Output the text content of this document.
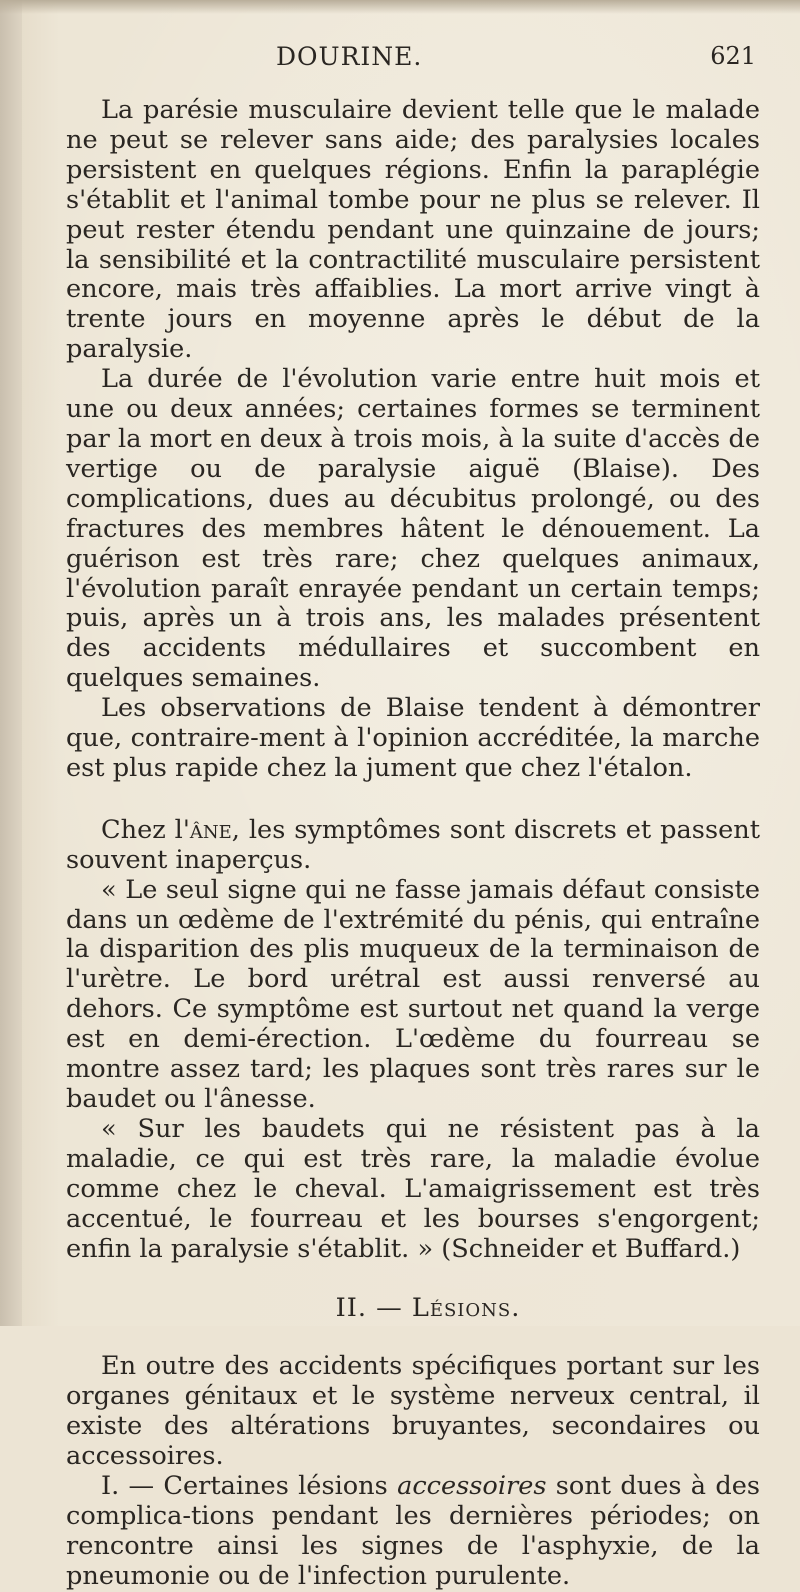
DOURINE.	621

La parésie musculaire devient telle que le malade ne peut se relever sans aide; des paralysies locales persistent en quelques régions. Enfin la paraplégie s'établit et l'animal tombe pour ne plus se relever. Il peut rester étendu pendant une quinzaine de jours; la sensibilité et la contractilité musculaire persistent encore, mais très affaiblies. La mort arrive vingt à trente jours en moyenne après le début de la paralysie.

La durée de l'évolution varie entre huit mois et une ou deux années; certaines formes se terminent par la mort en deux à trois mois, à la suite d'accès de vertige ou de paralysie aiguë (Blaise). Des complications, dues au décubitus prolongé, ou des fractures des membres hâtent le dénouement. La guérison est très rare; chez quelques animaux, l'évolution paraît enrayée pendant un certain temps; puis, après un à trois ans, les malades présentent des accidents médullaires et succombent en quelques semaines.

Les observations de Blaise tendent à démontrer que, contraire-ment à l'opinion accréditée, la marche est plus rapide chez la jument que chez l'étalon.

Chez l'âne, les symptômes sont discrets et passent souvent inaperçus.

« Le seul signe qui ne fasse jamais défaut consiste dans un œdème de l'extrémité du pénis, qui entraîne la disparition des plis muqueux de la terminaison de l'urètre. Le bord urétral est aussi renversé au dehors. Ce symptôme est surtout net quand la verge est en demi-érection. L'œdème du fourreau se montre assez tard; les plaques sont très rares sur le baudet ou l'ânesse.

« Sur les baudets qui ne résistent pas à la maladie, ce qui est très rare, la maladie évolue comme chez le cheval. L'amaigrissement est très accentué, le fourreau et les bourses s'engorgent; enfin la paralysie s'établit. » (Schneider et Buffard.)

II. — Lésions.

En outre des accidents spécifiques portant sur les organes génitaux et le système nerveux central, il existe des altérations bruyantes, secondaires ou accessoires.

I. — Certaines lésions accessoires sont dues à des complica-tions pendant les dernières périodes; on rencontre ainsi les signes de l'asphyxie, de la pneumonie ou de l'infection purulente.
